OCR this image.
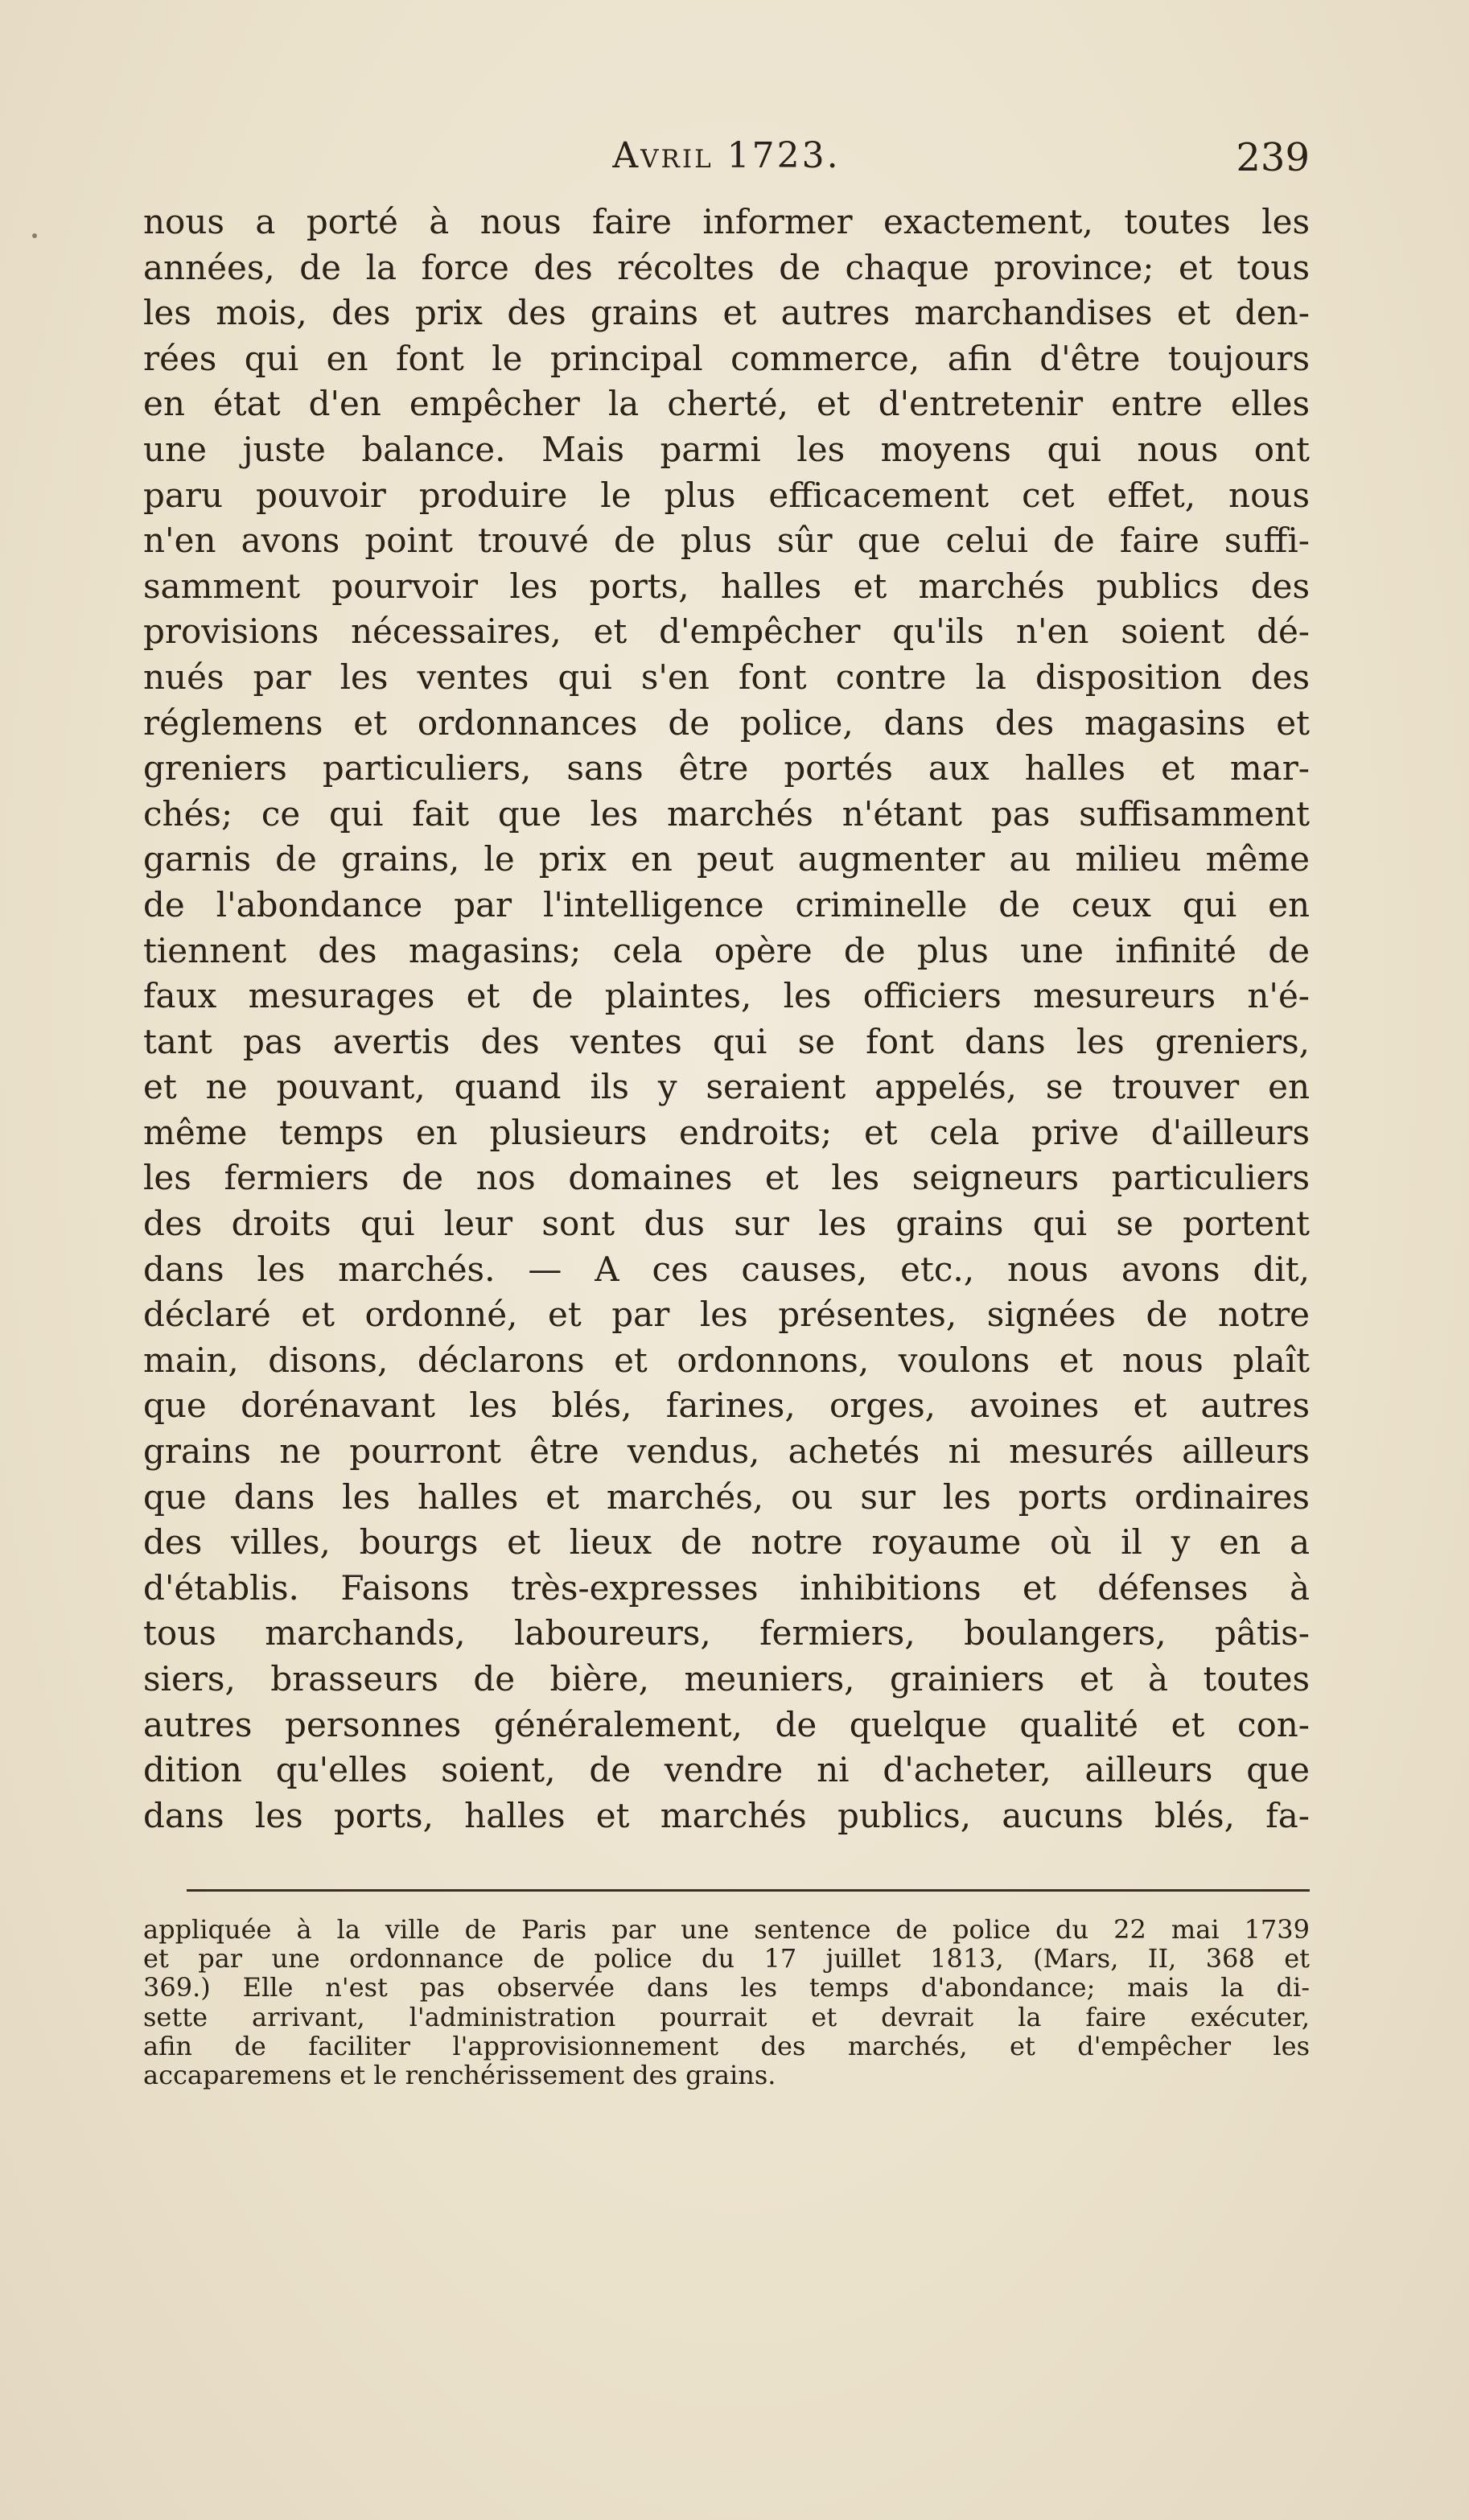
Avril 1723.	239
nous a porté à nous faire informer exactement, toutes les
années, de la force des récoltes de chaque province; et tous
les mois, des prix des grains et autres marchandises et den-
rées qui en font le principal commerce, afin d'être toujours
en état d'en empêcher la cherté, et d'entretenir entre elles
une juste balance. Mais parmi les moyens qui nous ont
paru pouvoir produire le plus efficacement cet effet, nous
n'en avons point trouvé de plus sûr que celui de faire suffi-
samment pourvoir les ports, halles et marchés publics des
provisions nécessaires, et d'empêcher qu'ils n'en soient dé-
nués par les ventes qui s'en font contre la disposition des
réglemens et ordonnances de police, dans des magasins et
greniers particuliers, sans être portés aux halles et mar-
chés; ce qui fait que les marchés n'étant pas suffisamment
garnis de grains, le prix en peut augmenter au milieu même
de l'abondance par l'intelligence criminelle de ceux qui en
tiennent des magasins; cela opère de plus une infinité de
faux mesurages et de plaintes, les officiers mesureurs n'é-
tant pas avertis des ventes qui se font dans les greniers,
et ne pouvant, quand ils y seraient appelés, se trouver en
même temps en plusieurs endroits; et cela prive d'ailleurs
les fermiers de nos domaines et les seigneurs particuliers
des droits qui leur sont dus sur les grains qui se portent
dans les marchés. — A ces causes, etc., nous avons dit,
déclaré et ordonné, et par les présentes, signées de notre
main, disons, déclarons et ordonnons, voulons et nous plaît
que dorénavant les blés, farines, orges, avoines et autres
grains ne pourront être vendus, achetés ni mesurés ailleurs
que dans les halles et marchés, ou sur les ports ordinaires
des villes, bourgs et lieux de notre royaume où il y en a
d'établis. Faisons très-expresses inhibitions et défenses à
tous marchands, laboureurs, fermiers, boulangers, pâtis-
siers, brasseurs de bière, meuniers, grainiers et à toutes
autres personnes généralement, de quelque qualité et con-
dition qu'elles soient, de vendre ni d'acheter, ailleurs que
dans les ports, halles et marchés publics, aucuns blés, fa-
appliquée à la ville de Paris par une sentence de police du 22 mai 1739
et par une ordonnance de police du 17 juillet 1813, (Mars, II, 368 et
369.) Elle n'est pas observée dans les temps d'abondance; mais la di-
sette arrivant, l'administration pourrait et devrait la faire exécuter,
afin de faciliter l'approvisionnement des marchés, et d'empêcher les
accaparemens et le renchérissement des grains.
